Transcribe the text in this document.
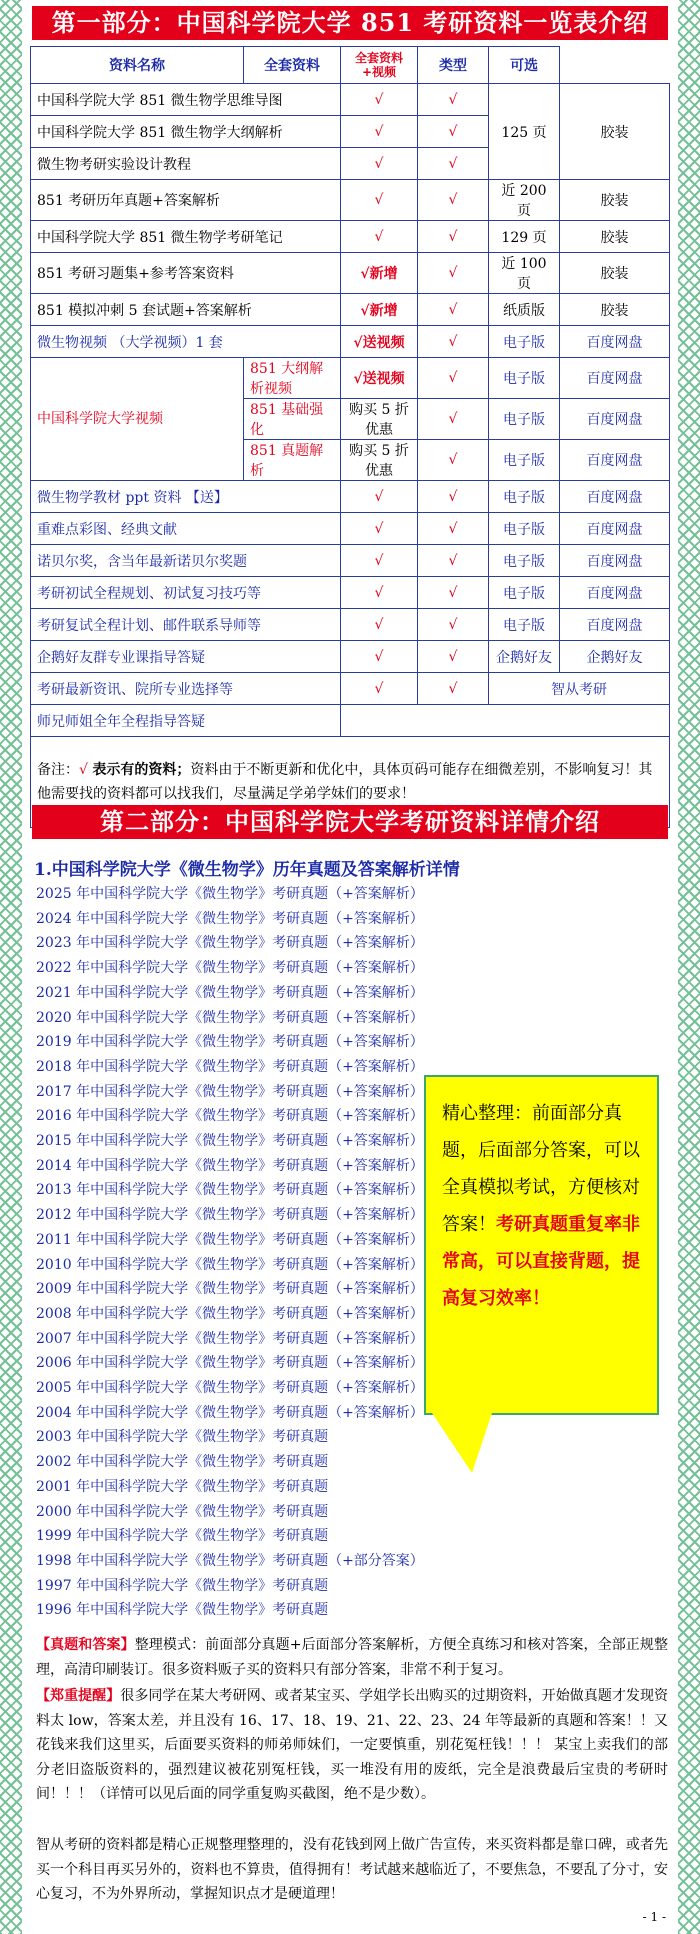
第一部分：中国科学院大学 851 考研资料一览表介绍
资料名称	全套资料	全套资料+视频	类型	可选	
中国科学院大学 851 微生物学思维导图		√	√	125 页	胶装
中国科学院大学 851 微生物学大纲解析		√	√		
微生物考研实验设计教程		√	√		
851 考研历年真题+答案解析		√	√	近 200 页	胶装
中国科学院大学 851 微生物学考研笔记		√	√	129 页	胶装
851 考研习题集+参考答案资料		√新增	√	近 100 页	胶装
851 模拟冲刺 5 套试题+答案解析		√新增	√	纸质版	胶装
微生物视频 （大学视频）1 套		√送视频	√	电子版	百度网盘
中国科学院大学视频	851 大纲解析视频	√送视频	√	电子版	百度网盘
	851 基础强化	购买 5 折优惠	√	电子版	百度网盘
	851 真题解析	购买 5 折优惠	√	电子版	百度网盘
微生物学教材 ppt 资料 【送】		√	√	电子版	百度网盘
重难点彩图、经典文献		√	√	电子版	百度网盘
诺贝尔奖，含当年最新诺贝尔奖题		√	√	电子版	百度网盘
考研初试全程规划、初试复习技巧等		√	√	电子版	百度网盘
考研复试全程计划、邮件联系导师等		√	√	电子版	百度网盘
企鹅好友群专业课指导答疑		√	√	企鹅好友	企鹅好友
考研最新资讯、院所专业选择等		√	√	智从考研	
师兄师姐全年全程指导答疑					
备注：√ 表示有的资料；资料由于不断更新和优化中，具体页码可能存在细微差别，不影响复习！其他需要找的资料都可以找我们，尽量满足学弟学妹们的要求！					
第二部分：中国科学院大学考研资料详情介绍
1.中国科学院大学《微生物学》历年真题及答案解析详情
2025 年中国科学院大学《微生物学》考研真题（+答案解析）
2024 年中国科学院大学《微生物学》考研真题（+答案解析）
2023 年中国科学院大学《微生物学》考研真题（+答案解析）
2022 年中国科学院大学《微生物学》考研真题（+答案解析）
2021 年中国科学院大学《微生物学》考研真题（+答案解析）
2020 年中国科学院大学《微生物学》考研真题（+答案解析）
2019 年中国科学院大学《微生物学》考研真题（+答案解析）
2018 年中国科学院大学《微生物学》考研真题（+答案解析）
2017 年中国科学院大学《微生物学》考研真题（+答案解析）
2016 年中国科学院大学《微生物学》考研真题（+答案解析）
2015 年中国科学院大学《微生物学》考研真题（+答案解析）
2014 年中国科学院大学《微生物学》考研真题（+答案解析）
2013 年中国科学院大学《微生物学》考研真题（+答案解析）
2012 年中国科学院大学《微生物学》考研真题（+答案解析）
2011 年中国科学院大学《微生物学》考研真题（+答案解析）
2010 年中国科学院大学《微生物学》考研真题（+答案解析）
2009 年中国科学院大学《微生物学》考研真题（+答案解析）
2008 年中国科学院大学《微生物学》考研真题（+答案解析）
2007 年中国科学院大学《微生物学》考研真题（+答案解析）
2006 年中国科学院大学《微生物学》考研真题（+答案解析）
2005 年中国科学院大学《微生物学》考研真题（+答案解析）
2004 年中国科学院大学《微生物学》考研真题（+答案解析）
2003 年中国科学院大学《微生物学》考研真题
2002 年中国科学院大学《微生物学》考研真题
2001 年中国科学院大学《微生物学》考研真题
2000 年中国科学院大学《微生物学》考研真题
1999 年中国科学院大学《微生物学》考研真题
1998 年中国科学院大学《微生物学》考研真题（+部分答案）
1997 年中国科学院大学《微生物学》考研真题
1996 年中国科学院大学《微生物学》考研真题
精心整理：前面部分真题，后面部分答案，可以全真模拟考试，方便核对答案！考研真题重复率非常高，可以直接背题，提高复习效率！
【真题和答案】整理模式：前面部分真题+后面部分答案解析，方便全真练习和核对答案，全部正规整理，高清印刷装订。很多资料贩子买的资料只有部分答案，非常不利于复习。
【郑重提醒】很多同学在某大考研网、或者某宝买、学姐学长出购买的过期资料，开始做真题才发现资料太 low，答案太差，并且没有 16、17、18、19、21、22、23、24 年等最新的真题和答案！！又花钱来我们这里买，后面要买资料的师弟师妹们，一定要慎重，别花冤枉钱！！！ 某宝上卖我们的部分老旧盗版资料的，强烈建议被花别冤枉钱，买一堆没有用的废纸，完全是浪费最后宝贵的考研时间！！！（详情可以见后面的同学重复购买截图，绝不是少数）。
智从考研的资料都是精心正规整理整理的，没有花钱到网上做广告宣传，来买资料都是靠口碑，或者先买一个科目再买另外的，资料也不算贵，值得拥有！考试越来越临近了，不要焦急，不要乱了分寸，安心复习，不为外界所动，掌握知识点才是硬道理！
- 1 -
